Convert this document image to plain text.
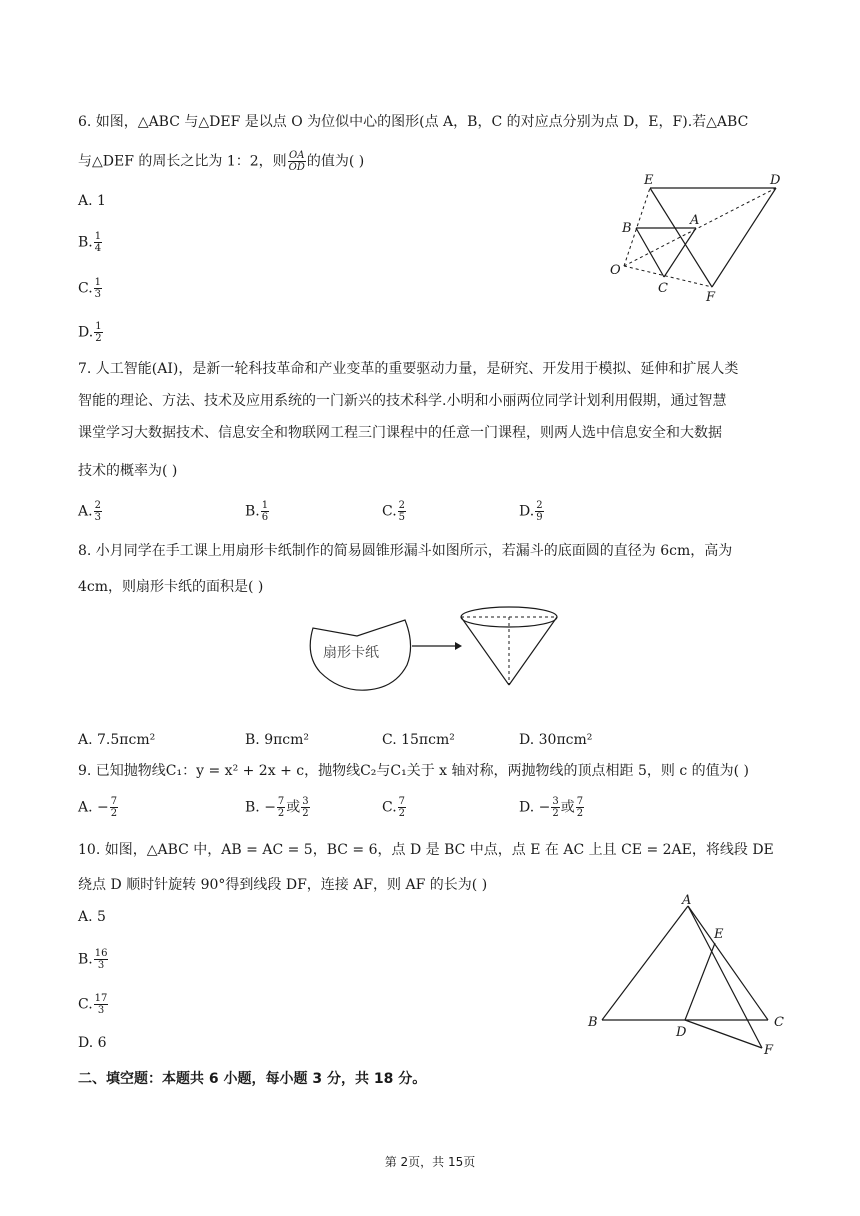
6. 如图，△ABC 与△DEF 是以点 O 为位似中心的图形(点 A，B，C 的对应点分别为点 D，E，F).若△ABC
与△DEF 的周长之比为 1：2，则 $\frac{OA}{OD}$ 的值为( )
A. 1
B. $\frac{1}{4}$
C. $\frac{1}{3}$
D. $\frac{1}{2}$
E	D
A
B
O
C
F
7. 人工智能(AI)，是新一轮科技革命和产业变革的重要驱动力量，是研究、开发用于模拟、延伸和扩展人类
智能的理论、方法、技术及应用系统的一门新兴的技术科学.小明和小丽两位同学计划利用假期，通过智慧
课堂学习大数据技术、信息安全和物联网工程三门课程中的任意一门课程，则两人选中信息安全和大数据
技术的概率为( )
A. $\frac{2}{3}$	B. $\frac{1}{6}$	C. $\frac{2}{5}$	D. $\frac{2}{9}$
8. 小月同学在手工课上用扇形卡纸制作的简易圆锥形漏斗如图所示，若漏斗的底面圆的直径为 6cm，高为
4cm，则扇形卡纸的面积是( )
扇形卡纸
A. 7.5πcm²	B. 9πcm²	C. 15πcm²	D. 30πcm²
9. 已知抛物线C₁：y = x² + 2x + c，抛物线C₂与C₁关于 x 轴对称，两抛物线的顶点相距 5，则 c 的值为( )
A. − $\frac{7}{2}$	B. − $\frac{7}{2}$ 或 $\frac{3}{2}$	C. $\frac{7}{2}$	D. − $\frac{3}{2}$ 或 $\frac{7}{2}$
10. 如图，△ABC 中，AB = AC = 5，BC = 6，点 D 是 BC 中点，点 E 在 AC 上且 CE = 2AE，将线段 DE
绕点 D 顺时针旋转 90°得到线段 DF，连接 AF，则 AF 的长为( )
A. 5
B. $\frac{16}{3}$
C. $\frac{17}{3}$
D. 6
A
E
B
D
C
F
二、填空题：本题共 6 小题，每小题 3 分，共 18 分。
第 2页，共 15页
